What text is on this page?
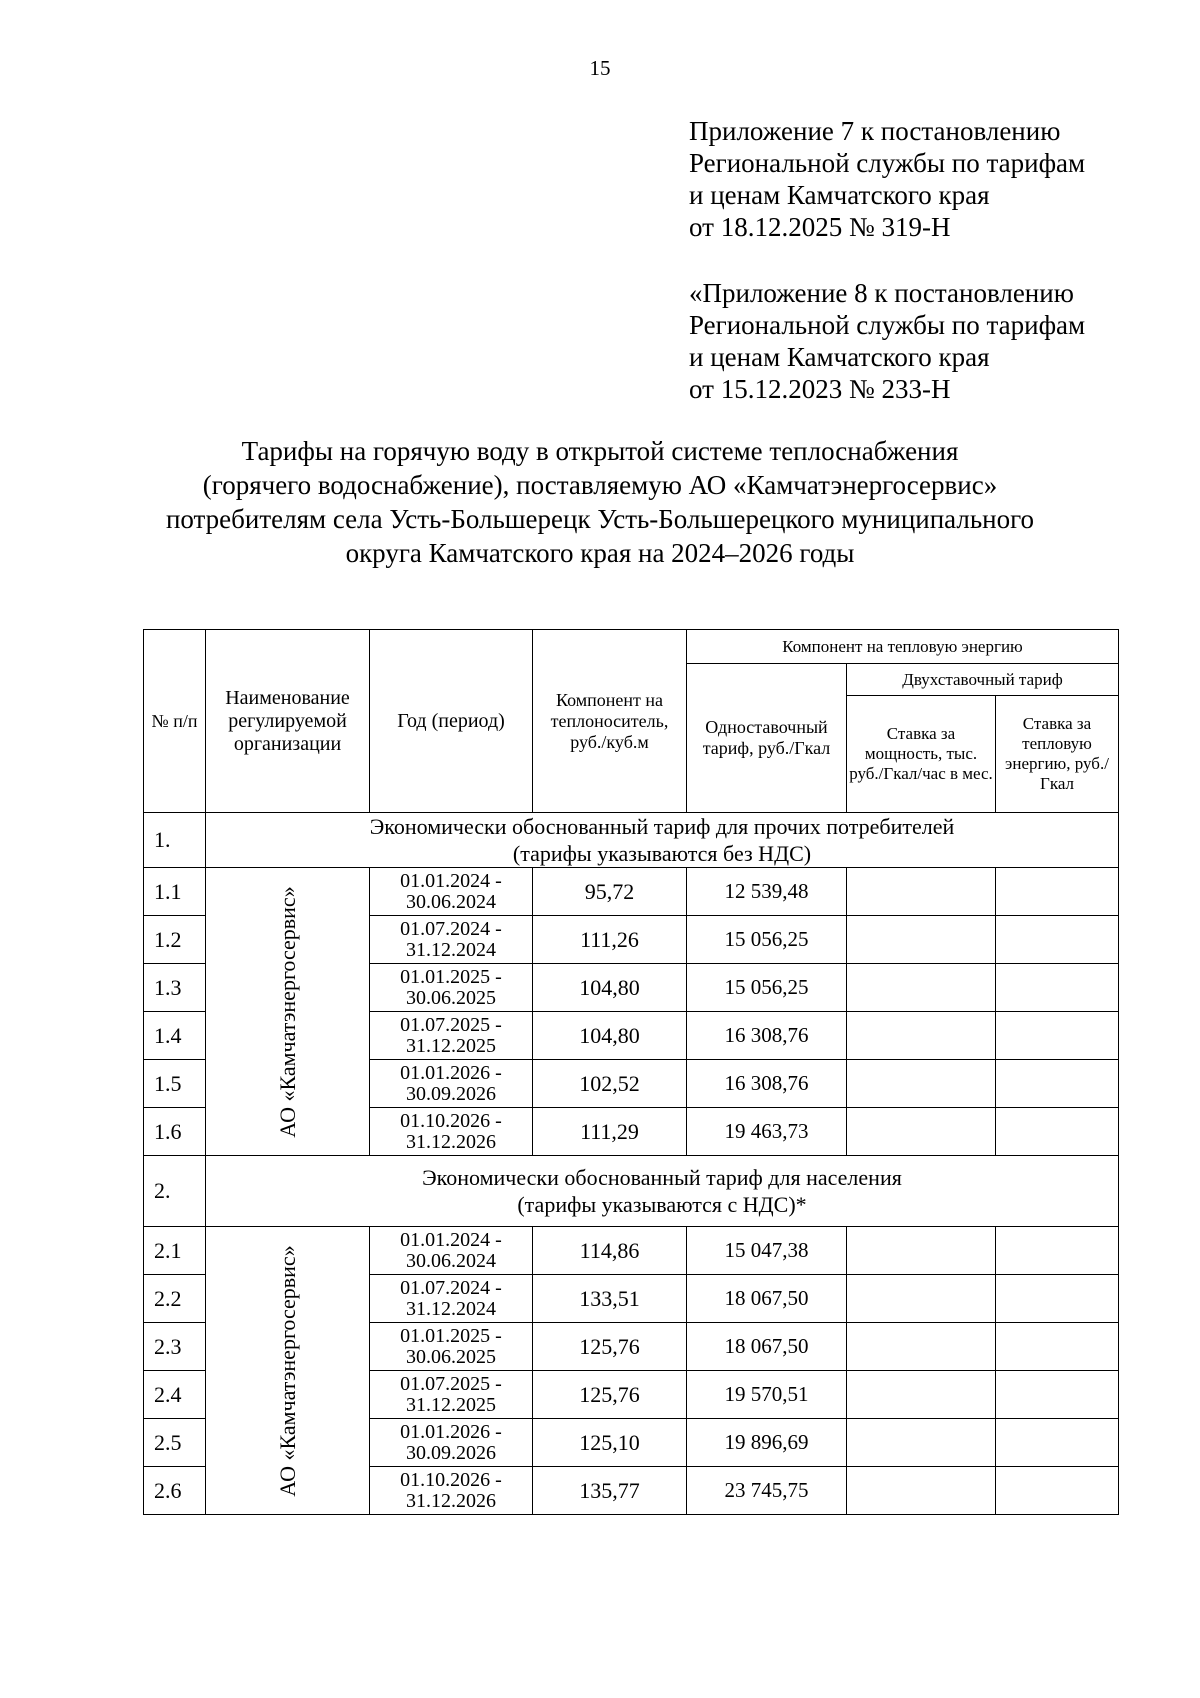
15
Приложение 7 к постановлению
Региональной службы по тарифам
и ценам Камчатского края
от 18.12.2025 № 319-Н
«Приложение 8 к постановлению
Региональной службы по тарифам
и ценам Камчатского края
от 15.12.2023 № 233-Н
Тарифы на горячую воду в открытой системе теплоснабжения
(горячего водоснабжение), поставляемую АО «Камчатэнергосервис»
потребителям села Усть-Большерецк Усть-Большерецкого муниципального
округа Камчатского края на 2024–2026 годы
№ п/п	Наименование регулируемой организации	Год (период)	Компонент на теплоноситель, руб./куб.м	Компонент на тепловую энергию		
				Одноставочный тариф, руб./Гкал	Двухставочный тариф	
					Ставка за мощность, тыс. руб./Гкал/час в мес.	Ставка за тепловую энергию, руб./Гкал
1.	Экономически обоснованный тариф для прочих потребителей
(тарифы указываются без НДС)					

1.1	АО «Камчатэнергосервис»	01.01.2024 -
30.06.2024	95,72	12 539,48		
1.2		01.07.2024 -
31.12.2024	111,26	15 056,25		
1.3		01.01.2025 -
30.06.2025	104,80	15 056,25		
1.4		01.07.2025 -
31.12.2025	104,80	16 308,76		
1.5		01.01.2026 -
30.09.2026	102,52	16 308,76		
1.6		01.10.2026 -
31.12.2026	111,29	19 463,73		
2.	Экономически обоснованный тариф для населения
(тарифы указываются с НДС)*					

2.1	АО «Камчатэнергосервис»	01.01.2024 -
30.06.2024	114,86	15 047,38		
2.2		01.07.2024 -
31.12.2024	133,51	18 067,50		
2.3		01.01.2025 -
30.06.2025	125,76	18 067,50		
2.4		01.07.2025 -
31.12.2025	125,76	19 570,51		
2.5		01.01.2026 -
30.09.2026	125,10	19 896,69		
2.6		01.10.2026 -
31.12.2026	135,77	23 745,75		
